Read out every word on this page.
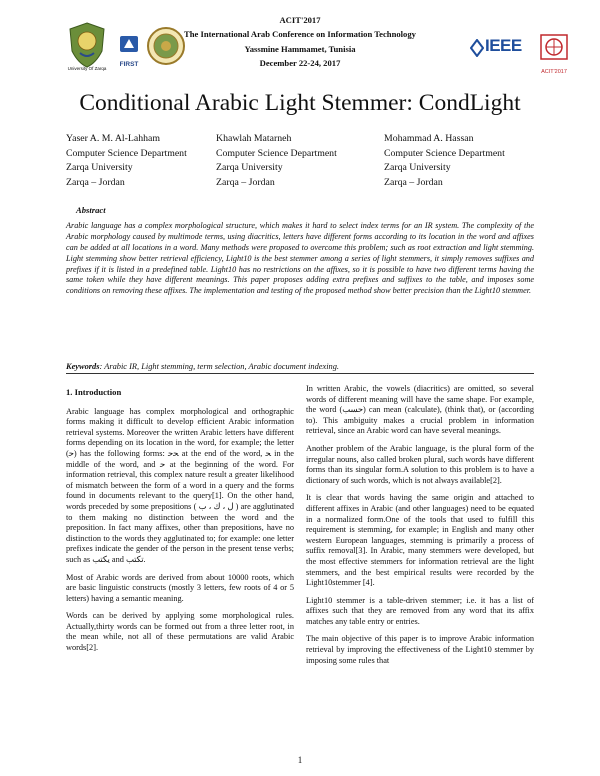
University Of Zarqa
FIRST
ACIT'2017
The International Arab Conference on Information Technology
Yassmine Hammamet, Tunisia
December 22-24, 2017
IEEE
ACIT'2017
Conditional Arabic Light Stemmer: CondLight
Yaser A. M. Al-Lahham
Computer Science Department
Zarqa University
Zarqa – Jordan
Khawlah Matarneh
Computer Science Department
Zarqa University
Zarqa – Jordan
Mohammad A. Hassan
Computer Science Department
Zarqa University
Zarqa – Jordan
Abstract
Arabic language has a complex morphological structure, which makes it hard to select index terms for an IR system. The complexity of the Arabic morphology caused by multimode terms, using diacritics, letters have different forms according to its location in the word and affixes can be added at all locations in a word. Many methods were proposed to overcome this problem; such as root extraction and light stemming. Light stemming show better retrieval efficiency, Light10 is the best stemmer among a series of light stemmers, it simply removes suffixes and prefixes if it is listed in a predefined table. Light10 has no restrictions on the affixes, so it is possible to have two different terms having the same token while they have different meanings. This paper proposes adding extra prefixes and suffixes to the table, and imposes some conditions on removing these affixes. The implementation and testing of the proposed method show better precision than the Light10 stemmer.
Keywords: Arabic IR, Light stemming, term selection, Arabic document indexing.
1. Introduction

Arabic language has complex morphological and orthographic forms making it difficult to develop efficient Arabic information retrieval systems. Moreover the written Arabic letters have different forms depending on its location in the word, for example; the letter (ﺣ) has the following forms: ﺤﺣ at the end of the word, ﺤ in the middle of the word, and ﺣ at the beginning of the word. For information retrieval, this complex nature result a greater likelihood of mismatch between the form of a word in a query and the forms found in documents relevant to the query[1]. On the other hand, words preceded by some prepositions ( ﻝ ، ﻙ ، ﺏ ) are agglutinated to them making no distinction between the word and the preposition. In fact many affixes, other than prepositions, have no distinction to the words they agglutinated to; for example: one letter prefixes indicate the gender of the person in the present tense verbs; such as ﻳﻜﺘﺐ and ﺗﻜﺘﺐ.

Most of Arabic words are derived from about 10000 roots, which are basic linguistic constructs (mostly 3 letters, few roots of 4 or 5 letters) having a semantic meaning.

Words can be derived by applying some morphological rules. Actually,thirty words can be formed out from a three letter root, in the mean while, not all of these permutations are valid Arabic words[2].

In written Arabic, the vowels (diacritics) are omitted, so several words of different meaning will have the same shape. For example, the word (ﺣﺴﺐ) can mean (calculate), (think that), or (according to). This ambiguity makes a crucial problem in information retrieval, since an Arabic word can have several meanings.

Another problem of the Arabic language, is the plural form of the irregular nouns, also called broken plural, such words have different forms than its singular form.A solution to this problem is to have a dictionary of such words, which is not always available[2].

It is clear that words having the same origin and attached to different affixes in Arabic (and other languages) need to be equated in a normalized form.One of the tools that used to fulfill this requirement is stemming, for example; in English and many other western European languages, stemming is primarily a process of suffix removal[3]. In Arabic, many stemmers were developed, but the most effective stemmers for information retrieval are the light stemmers, and the best empirical results were recorded by the Light10stemmer [4].

Light10 stemmer is a table-driven stemmer; i.e. it has a list of affixes such that they are removed from any word that its affix matches any table entry or entries.

The main objective of this paper is to improve Arabic information retrieval by improving the effectiveness of the Light10 stemmer by imposing some rules that

1
